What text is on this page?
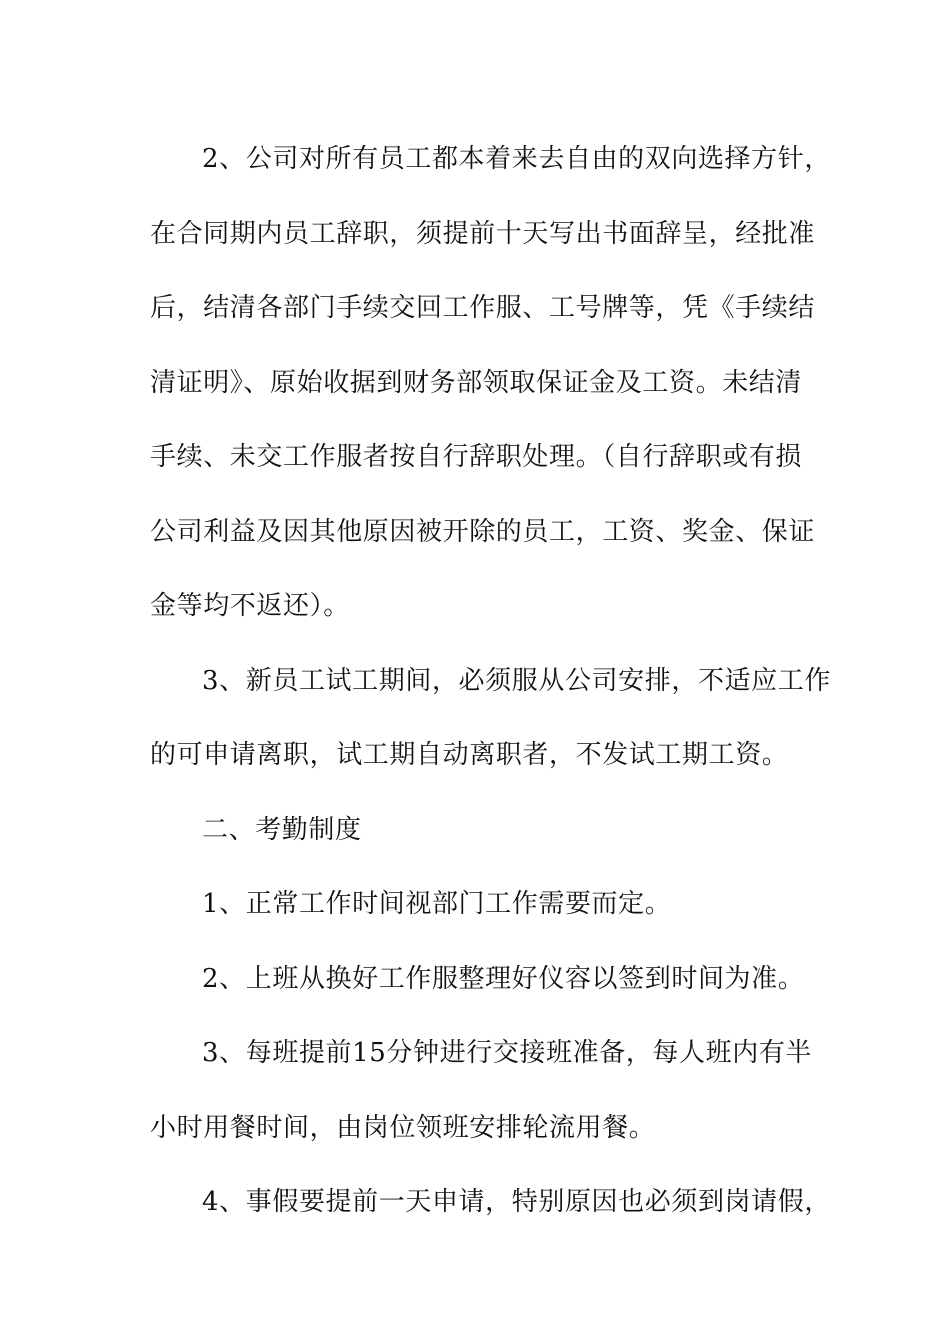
2、公司对所有员工都本着来去自由的双向选择方针，
在合同期内员工辞职，须提前十天写出书面辞呈，经批准
后，结清各部门手续交回工作服、工号牌等，凭《手续结
清证明》、原始收据到财务部领取保证金及工资。未结清
手续、未交工作服者按自行辞职处理。（自行辞职或有损
公司利益及因其他原因被开除的员工，工资、奖金、保证
金等均不返还）。
3、新员工试工期间，必须服从公司安排，不适应工作
的可申请离职，试工期自动离职者，不发试工期工资。
二、考勤制度
1、正常工作时间视部门工作需要而定。
2、上班从换好工作服整理好仪容以签到时间为准。
3、每班提前15分钟进行交接班准备，每人班内有半
小时用餐时间，由岗位领班安排轮流用餐。
4、事假要提前一天申请，特别原因也必须到岗请假，
